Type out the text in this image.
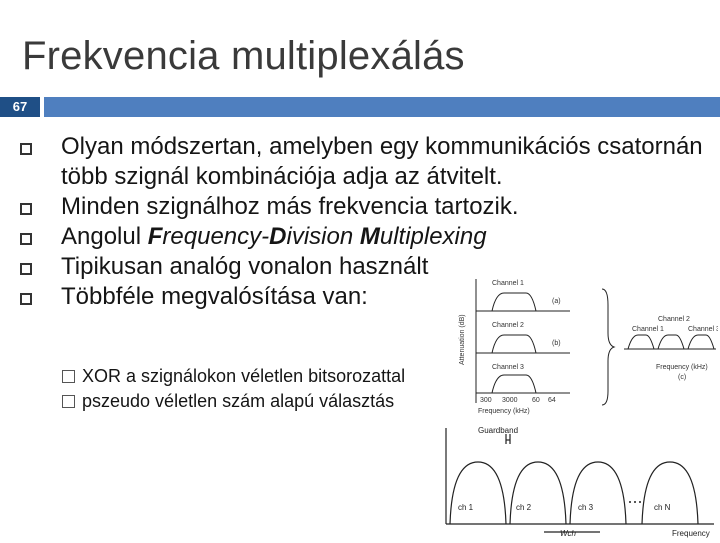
Frekvencia multiplexálás
67
Olyan módszertan, amelyben egy kommunikációs csatornán több szignál kombinációja adja az átvitelt.
Minden szignálhoz más frekvencia tartozik.
Angolul Frequency-Division Multiplexing
Tipikusan analóg vonalon használt
Többféle megvalósítása van:
XOR a szignálokon véletlen bitsorozattal
pszeudo véletlen szám alapú választás
Channel 1
Channel 2
Channel 3
Attenuation (dB)
300 3000 60 64
Frequency (kHz)
(a)
(b)
(c)
Channel 2
Channel 1	Channel 3
Frequency (kHz)
Guardband
ch 1	ch 2	ch 3	ch N
Wch	Frequency
